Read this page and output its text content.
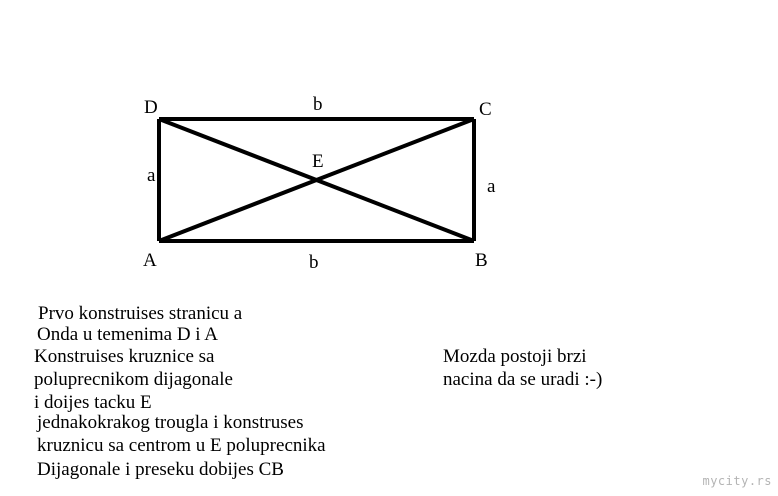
D	C
A	B
E
b
b
a
a
Prvo konstruises stranicu a
Onda u temenima D i A
Konstruises kruznice sa
poluprecnikom dijagonale
i doijes tacku E
jednakokrakog trougla i konstruses
kruznicu sa centrom u E poluprecnika
Dijagonale i preseku dobijes CB
Mozda postoji brzi
nacina da se uradi :-)
mycity.rs
